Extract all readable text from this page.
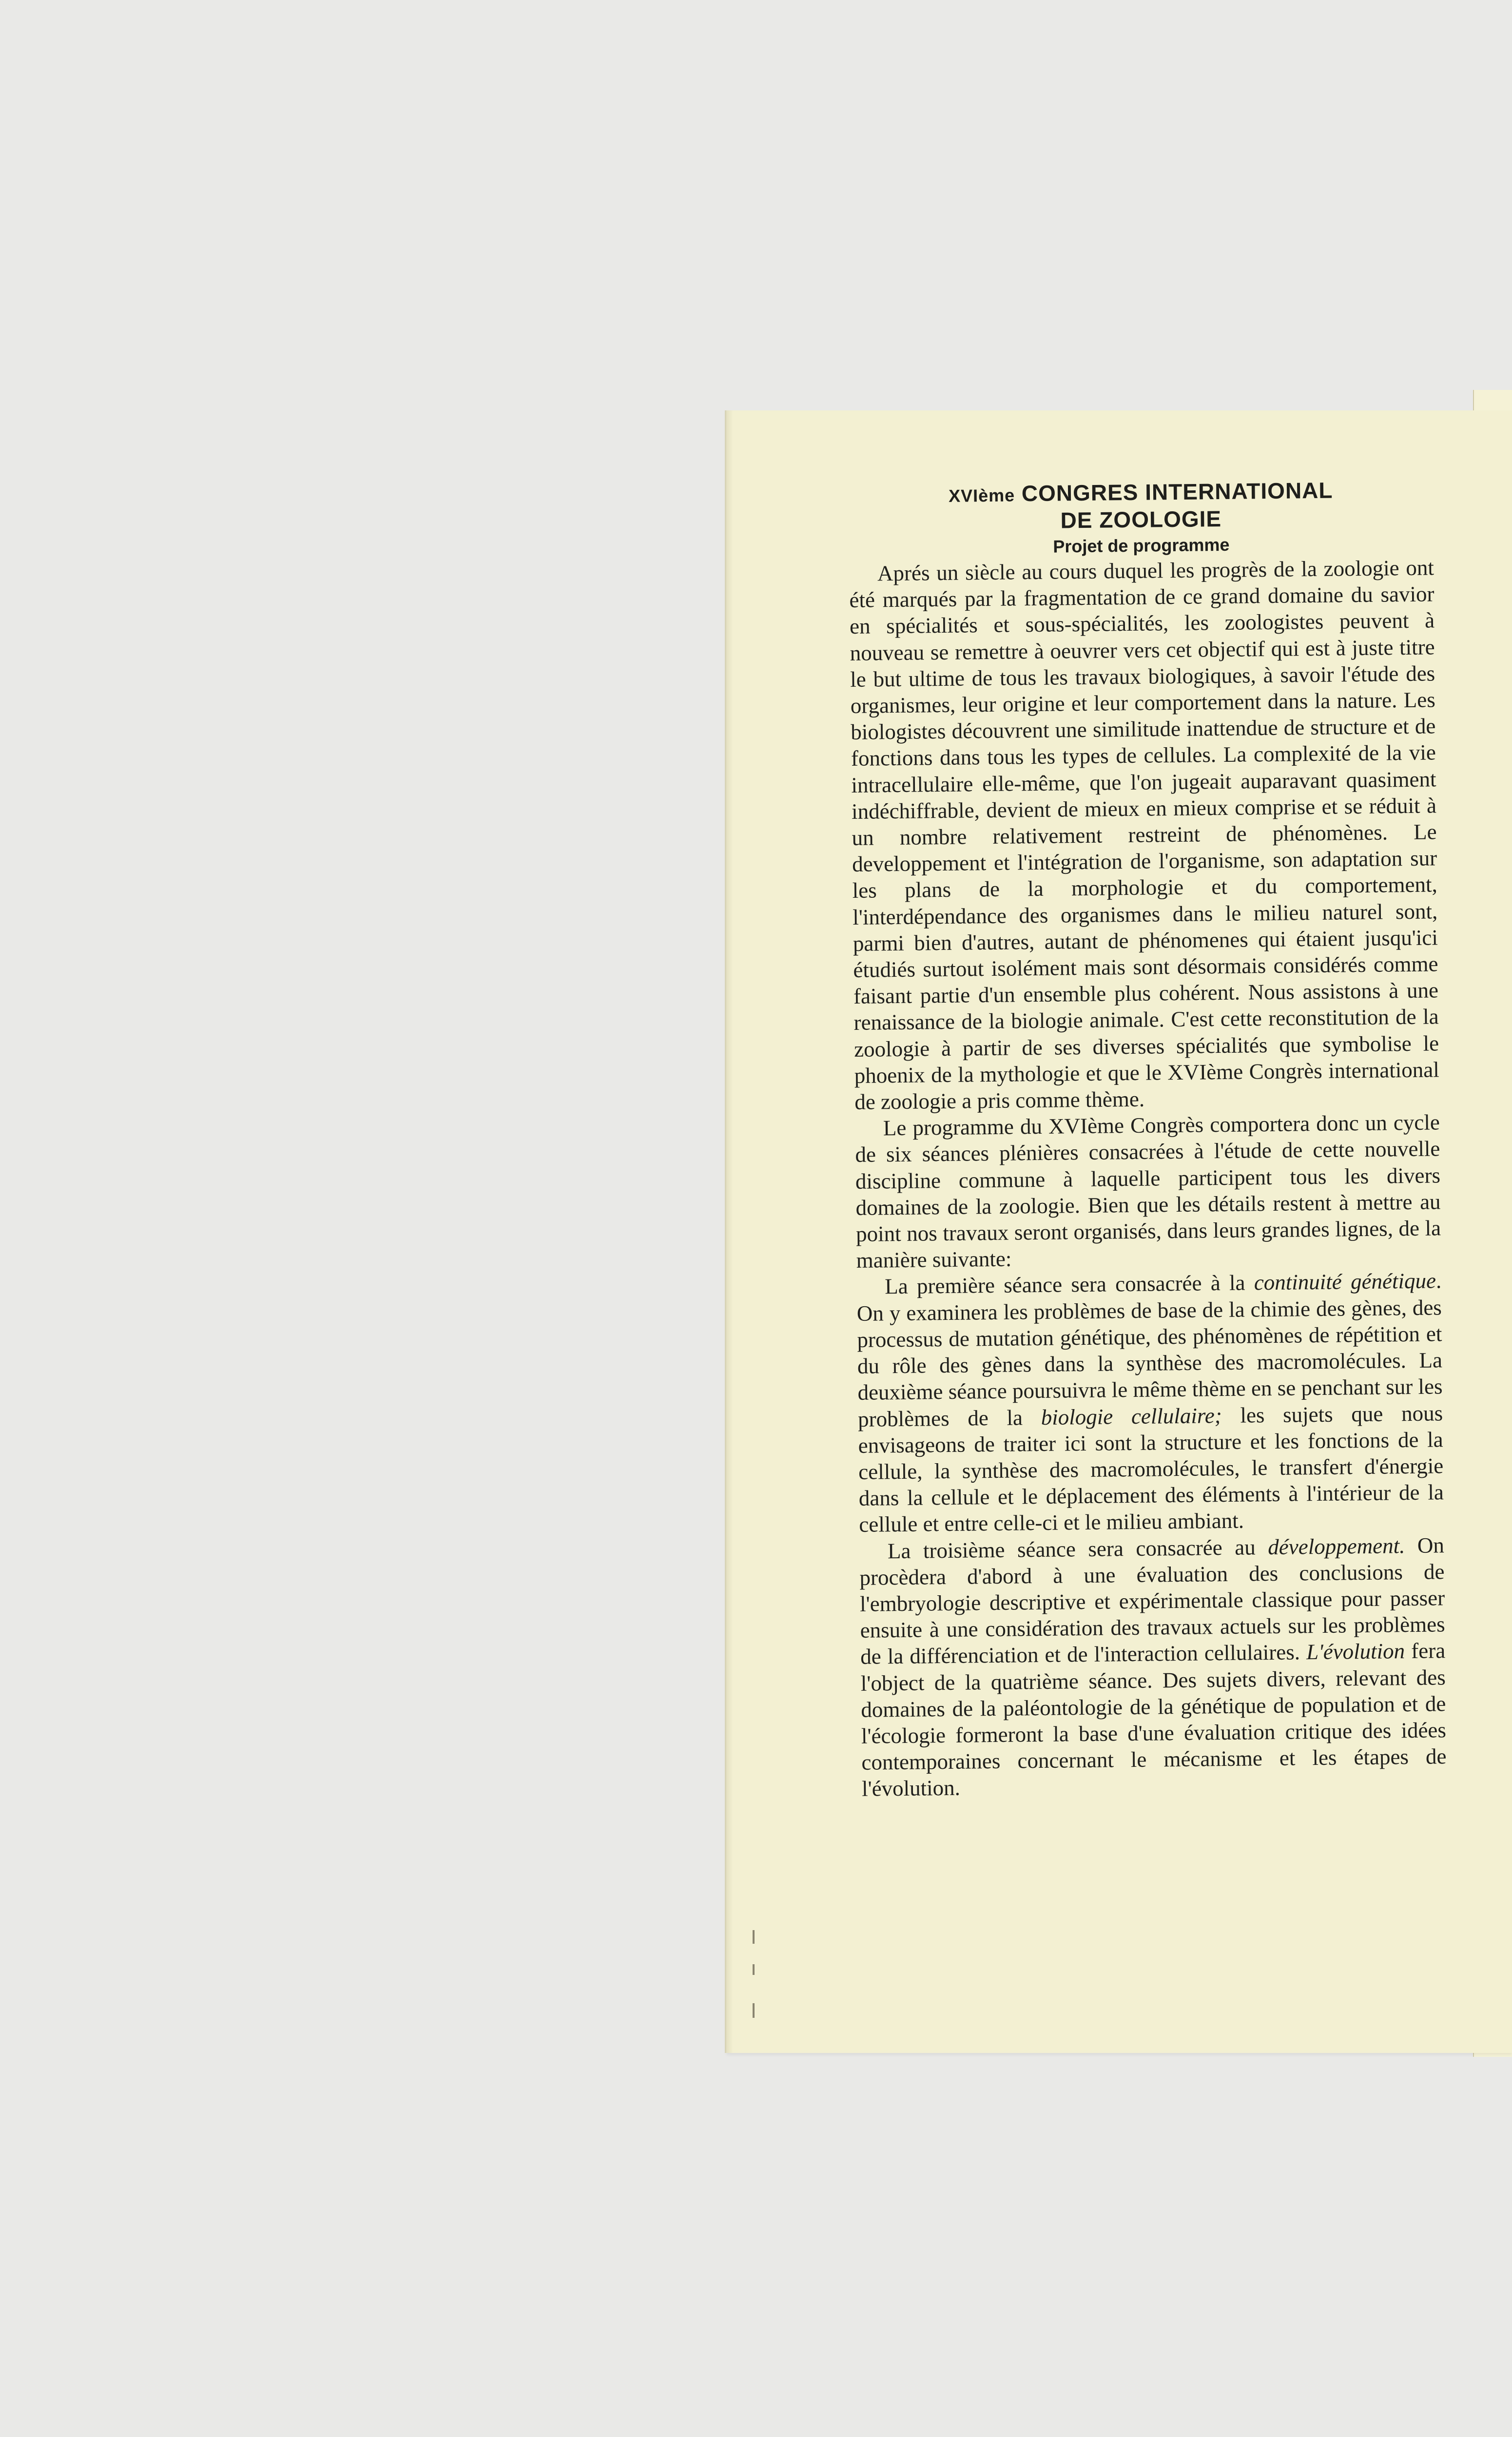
XVIème CONGRES INTERNATIONAL
DE ZOOLOGIE
Projet de programme

Aprés un siècle au cours duquel les progrès de la zoologie ont été marqués par la fragmentation de ce grand domaine du savior en spécialités et sous-spécialités, les zoologistes peuvent à nouveau se remettre à oeuvrer vers cet objectif qui est à juste titre le but ultime de tous les travaux biologiques, à savoir l'étude des organismes, leur origine et leur comportement dans la nature. Les biologistes découvrent une similitude inattendue de structure et de fonctions dans tous les types de cellules. La complexité de la vie intracellulaire elle-même, que l'on jugeait auparavant quasiment indéchiffrable, devient de mieux en mieux comprise et se réduit à un nombre relativement restreint de phénomènes. Le developpement et l'intégration de l'organisme, son adaptation sur les plans de la morphologie et du comportement, l'interdépendance des organismes dans le milieu naturel sont, parmi bien d'autres, autant de phénomenes qui étaient jusqu'ici étudiés surtout isolément mais sont désormais considérés comme faisant partie d'un ensemble plus cohérent. Nous assistons à une renaissance de la biologie animale. C'est cette reconstitution de la zoologie à partir de ses diverses spécialités que symbolise le phoenix de la mythologie et que le XVIème Congrès international de zoologie a pris comme thème.

Le programme du XVIème Congrès comportera donc un cycle de six séances plénières consacrées à l'étude de cette nouvelle discipline commune à laquelle participent tous les divers domaines de la zoologie. Bien que les détails restent à mettre au point nos travaux seront organisés, dans leurs grandes lignes, de la manière suivante:

La première séance sera consacrée à la continuité génétique. On y examinera les problèmes de base de la chimie des gènes, des processus de mutation génétique, des phénomènes de répétition et du rôle des gènes dans la synthèse des macromolécules. La deuxième séance poursuivra le même thème en se penchant sur les problèmes de la biologie cellulaire; les sujets que nous envisageons de traiter ici sont la structure et les fonctions de la cellule, la synthèse des macromolécules, le transfert d'énergie dans la cellule et le déplacement des éléments à l'intérieur de la cellule et entre celle-ci et le milieu ambiant.

La troisième séance sera consacrée au développement. On procèdera d'abord à une évaluation des conclusions de l'embryologie descriptive et expérimentale classique pour passer ensuite à une considération des travaux actuels sur les problèmes de la différenciation et de l'interaction cellulaires. L'évolution fera l'object de la quatrième séance. Des sujets divers, relevant des domaines de la paléontologie de la génétique de population et de l'écologie formeront la base d'une évaluation critique des idées contemporaines concernant le mécanisme et les étapes de l'évolution.
